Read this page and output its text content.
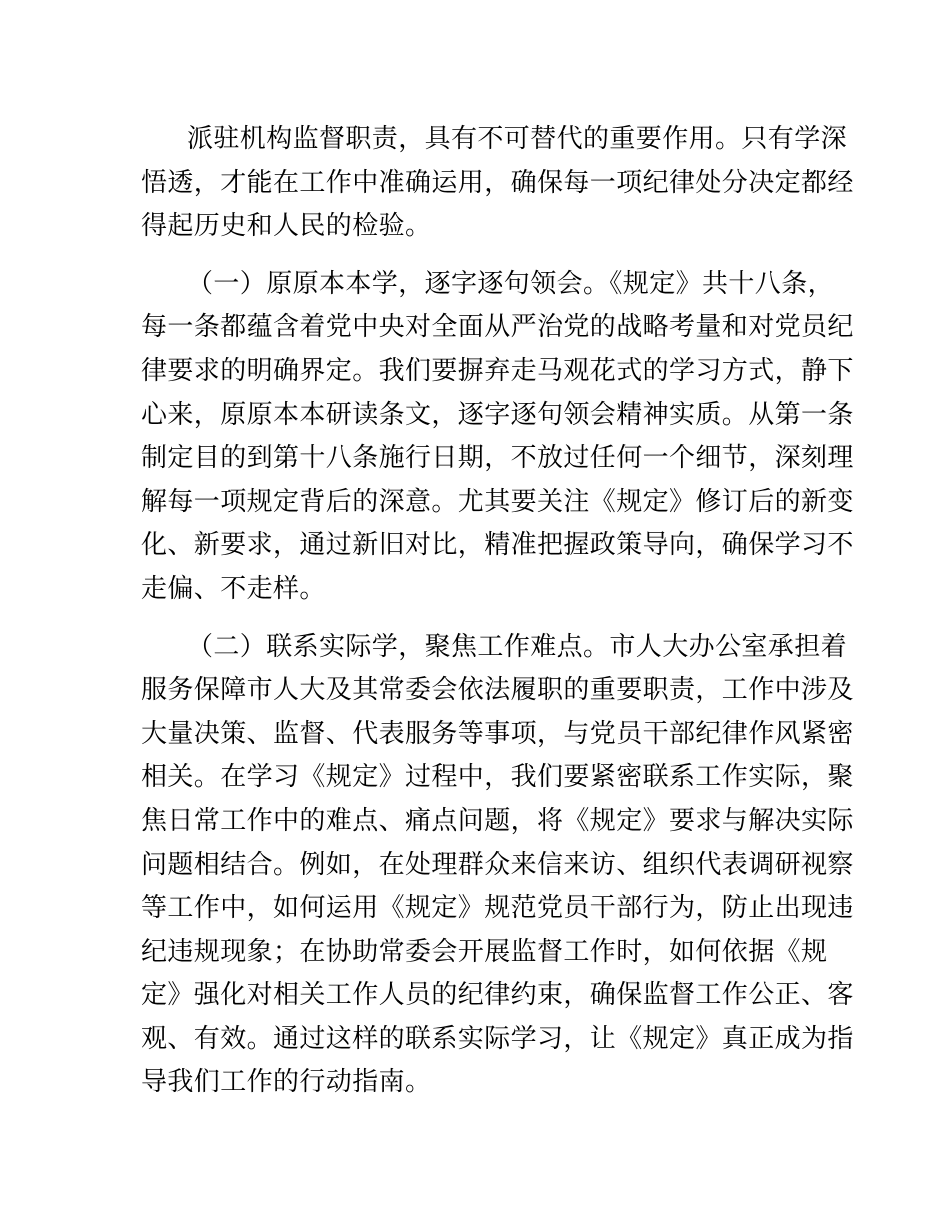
派驻机构监督职责，具有不可替代的重要作用。只有学深
悟透，才能在工作中准确运用，确保每一项纪律处分决定都经
得起历史和人民的检验。
（一）原原本本学，逐字逐句领会。《规定》共十八条，
每一条都蕴含着党中央对全面从严治党的战略考量和对党员纪
律要求的明确界定。我们要摒弃走马观花式的学习方式，静下
心来，原原本本研读条文，逐字逐句领会精神实质。从第一条
制定目的到第十八条施行日期，不放过任何一个细节，深刻理
解每一项规定背后的深意。尤其要关注《规定》修订后的新变
化、新要求，通过新旧对比，精准把握政策导向，确保学习不
走偏、不走样。
（二）联系实际学，聚焦工作难点。市人大办公室承担着
服务保障市人大及其常委会依法履职的重要职责，工作中涉及
大量决策、监督、代表服务等事项，与党员干部纪律作风紧密
相关。在学习《规定》过程中，我们要紧密联系工作实际，聚
焦日常工作中的难点、痛点问题，将《规定》要求与解决实际
问题相结合。例如，在处理群众来信来访、组织代表调研视察
等工作中，如何运用《规定》规范党员干部行为，防止出现违
纪违规现象；在协助常委会开展监督工作时，如何依据《规
定》强化对相关工作人员的纪律约束，确保监督工作公正、客
观、有效。通过这样的联系实际学习，让《规定》真正成为指
导我们工作的行动指南。
